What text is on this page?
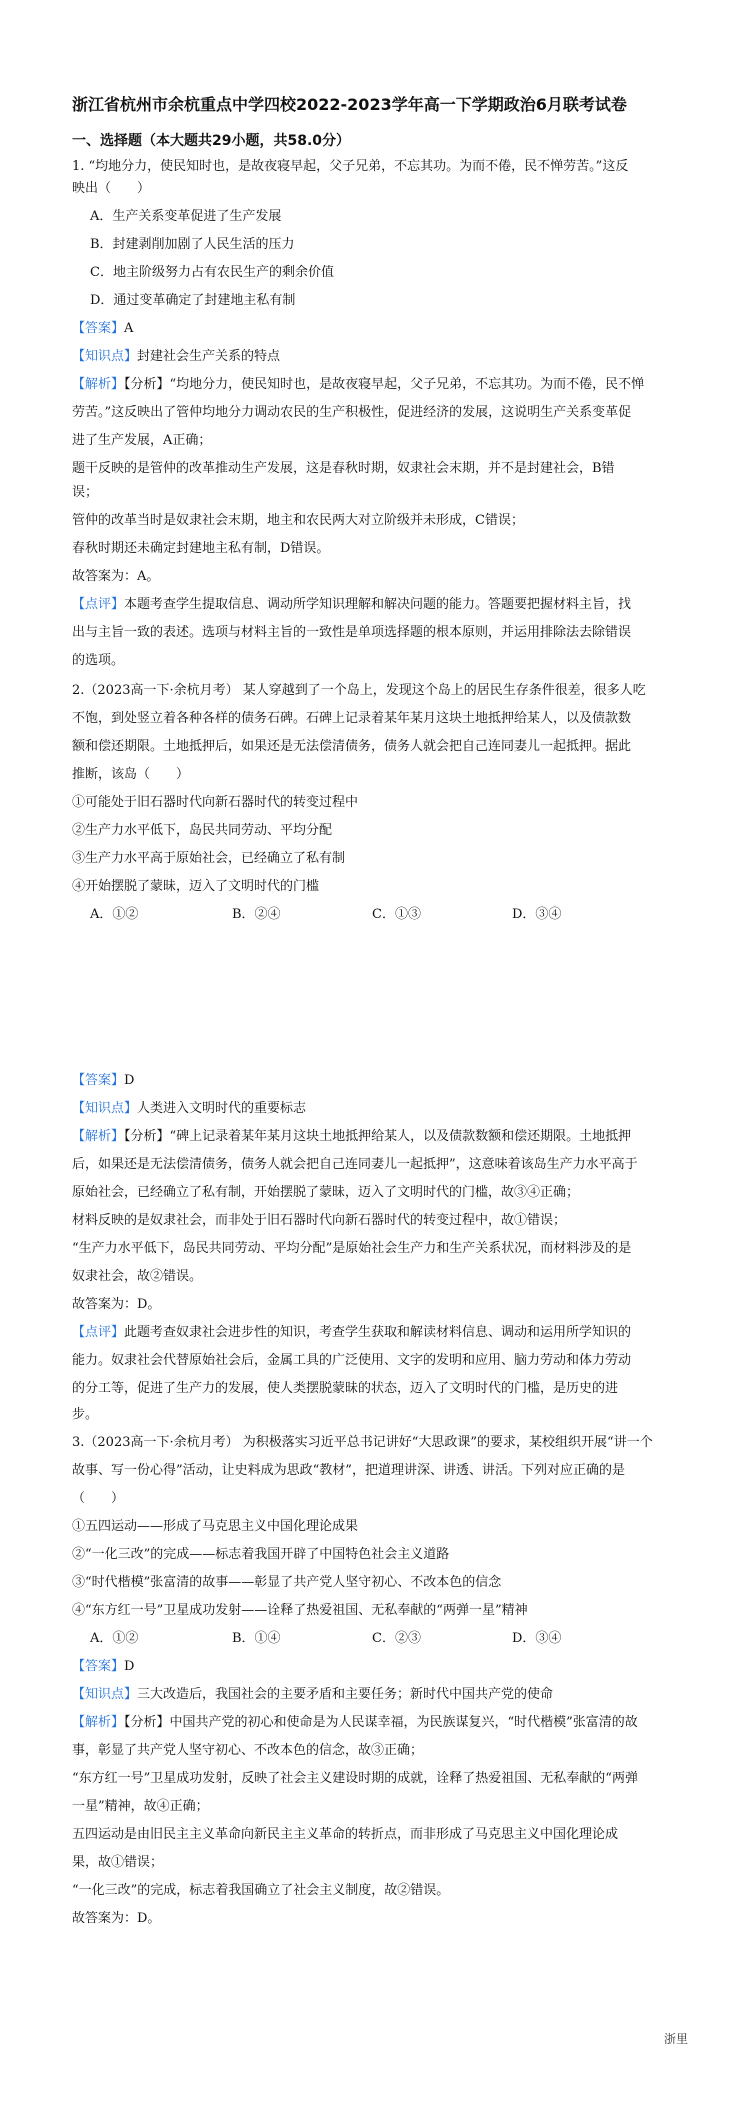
浙江省杭州市余杭重点中学四校2022-2023学年高一下学期政治6月联考试卷
一、选择题（本大题共29小题，共58.0分）
1. “均地分力，使民知时也，是故夜寝早起，父子兄弟，不忘其功。为而不倦，民不惮劳苦。”这反
映出（　　）
A．生产关系变革促进了生产发展
B．封建剥削加剧了人民生活的压力
C．地主阶级努力占有农民生产的剩余价值
D．通过变革确定了封建地主私有制
【答案】A
【知识点】封建社会生产关系的特点
【解析】【分析】“均地分力，使民知时也，是故夜寝早起，父子兄弟，不忘其功。为而不倦，民不惮
劳苦。”这反映出了管仲均地分力调动农民的生产积极性，促进经济的发展，这说明生产关系变革促
进了生产发展，A正确；
题干反映的是管仲的改革推动生产发展，这是春秋时期，奴隶社会末期，并不是封建社会，B错
误；
管仲的改革当时是奴隶社会末期，地主和农民两大对立阶级并未形成，C错误；
春秋时期还未确定封建地主私有制，D错误。
故答案为：A。
【点评】本题考查学生提取信息、调动所学知识理解和解决问题的能力。答题要把握材料主旨，找
出与主旨一致的表述。选项与材料主旨的一致性是单项选择题的根本原则，并运用排除法去除错误
的选项。
2.（2023高一下·余杭月考） 某人穿越到了一个岛上，发现这个岛上的居民生存条件很差，很多人吃
不饱，到处竖立着各种各样的债务石碑。石碑上记录着某年某月这块土地抵押给某人，以及债款数
额和偿还期限。土地抵押后，如果还是无法偿清债务，债务人就会把自己连同妻儿一起抵押。据此
推断，该岛（　　）
①可能处于旧石器时代向新石器时代的转变过程中
②生产力水平低下，岛民共同劳动、平均分配
③生产力水平高于原始社会，已经确立了私有制
④开始摆脱了蒙昧，迈入了文明时代的门槛
A．①②	B．②④	C．①③	D．③④
【答案】D
【知识点】人类进入文明时代的重要标志
【解析】【分析】“碑上记录着某年某月这块土地抵押给某人，以及债款数额和偿还期限。土地抵押
后，如果还是无法偿清债务，债务人就会把自己连同妻儿一起抵押”，这意味着该岛生产力水平高于
原始社会，已经确立了私有制，开始摆脱了蒙昧，迈入了文明时代的门槛，故③④正确；
材料反映的是奴隶社会，而非处于旧石器时代向新石器时代的转变过程中，故①错误；
“生产力水平低下，岛民共同劳动、平均分配”是原始社会生产力和生产关系状况，而材料涉及的是
奴隶社会，故②错误。
故答案为：D。
【点评】此题考查奴隶社会进步性的知识，考查学生获取和解读材料信息、调动和运用所学知识的
能力。奴隶社会代替原始社会后，金属工具的广泛使用、文字的发明和应用、脑力劳动和体力劳动
的分工等，促进了生产力的发展，使人类摆脱蒙昧的状态，迈入了文明时代的门槛，是历史的进
步。
3.（2023高一下·余杭月考） 为积极落实习近平总书记讲好“大思政课”的要求，某校组织开展“讲一个
故事、写一份心得”活动，让史料成为思政“教材”，把道理讲深、讲透、讲活。下列对应正确的是
（　　）
①五四运动——形成了马克思主义中国化理论成果
②“一化三改”的完成——标志着我国开辟了中国特色社会主义道路
③“时代楷模”张富清的故事——彰显了共产党人坚守初心、不改本色的信念
④“东方红一号”卫星成功发射——诠释了热爱祖国、无私奉献的“两弹一星”精神
A．①②	B．①④	C．②③	D．③④
【答案】D
【知识点】三大改造后，我国社会的主要矛盾和主要任务；新时代中国共产党的使命
【解析】【分析】中国共产党的初心和使命是为人民谋幸福，为民族谋复兴，“时代楷模”张富清的故
事，彰显了共产党人坚守初心、不改本色的信念，故③正确；
“东方红一号”卫星成功发射，反映了社会主义建设时期的成就，诠释了热爱祖国、无私奉献的“两弹
一星”精神，故④正确；
五四运动是由旧民主主义革命向新民主主义革命的转折点，而非形成了马克思主义中国化理论成
果，故①错误；
“一化三改”的完成，标志着我国确立了社会主义制度，故②错误。
故答案为：D。
浙里
